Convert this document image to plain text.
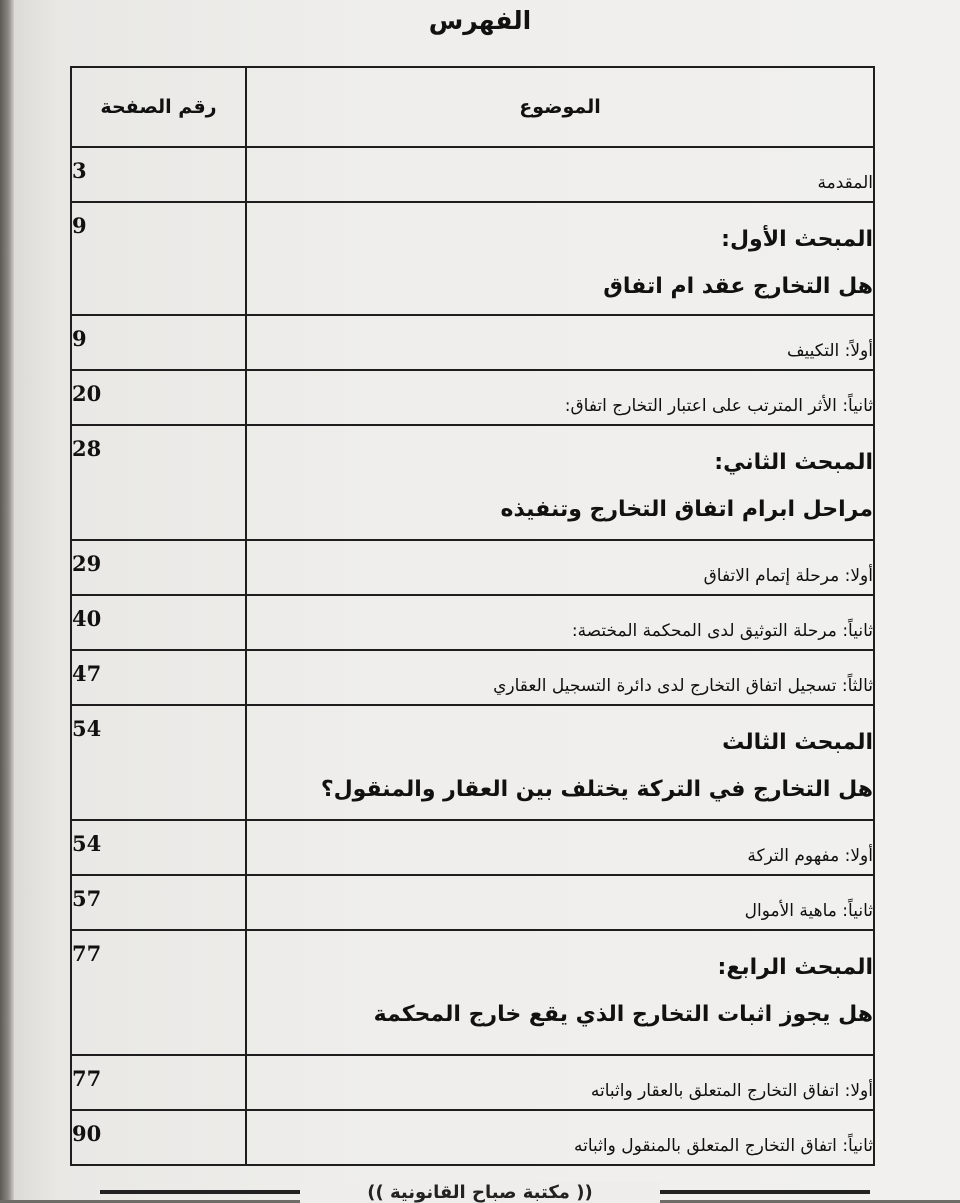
الفهرس
الموضوع	رقم الصفحة
المقدمة	3

المبحث الأول:
هل التخارج عقد ام اتفاق	9
أولاً: التكييف	9
ثانياً: الأثر المترتب على اعتبار التخارج اتفاق:	20

المبحث الثاني:
مراحل ابرام اتفاق التخارج وتنفيذه	28
أولا: مرحلة إتمام الاتفاق	29
ثانياً: مرحلة التوثيق لدى المحكمة المختصة:	40
ثالثاً: تسجيل اتفاق التخارج لدى دائرة التسجيل العقاري	47

المبحث الثالث
هل التخارج في التركة يختلف بين العقار والمنقول؟	54
أولا: مفهوم التركة	54
ثانياً: ماهية الأموال	57

المبحث الرابع:
هل يجوز اثبات التخارج الذي يقع خارج المحكمة	77
أولا: اتفاق التخارج المتعلق بالعقار واثباته	77
ثانياً: اتفاق التخارج المتعلق بالمنقول واثباته	90
(( مكتبة صباح القانونية ))
